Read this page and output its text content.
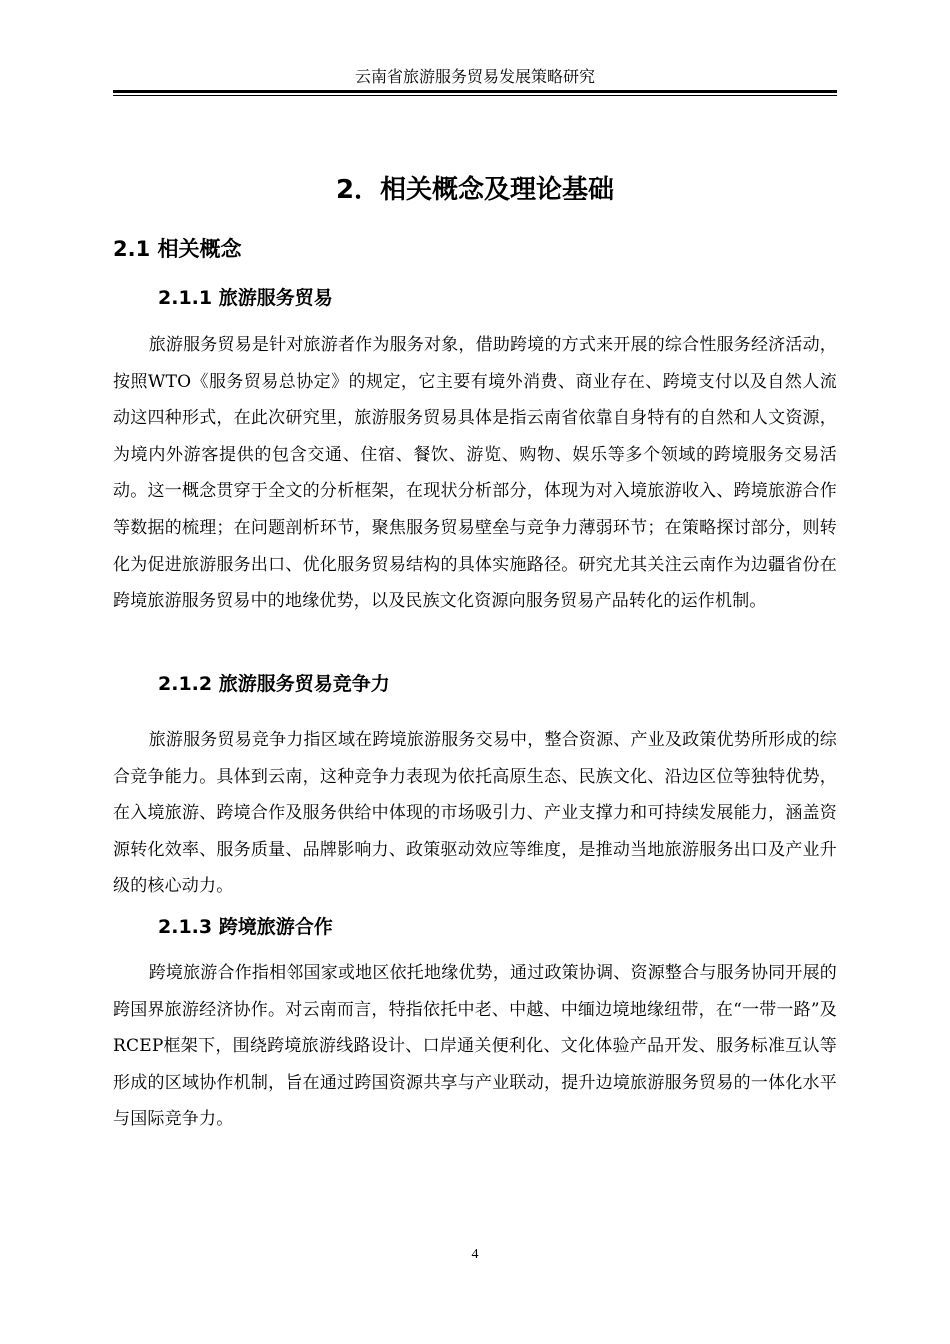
云南省旅游服务贸易发展策略研究
2．相关概念及理论基础
2.1 相关概念
2.1.1 旅游服务贸易

旅游服务贸易是针对旅游者作为服务对象，借助跨境的方式来开展的综合性服务经济活动，按照WTO《服务贸易总协定》的规定，它主要有境外消费、商业存在、跨境支付以及自然人流动这四种形式，在此次研究里，旅游服务贸易具体是指云南省依靠自身特有的自然和人文资源，为境内外游客提供的包含交通、住宿、餐饮、游览、购物、娱乐等多个领域的跨境服务交易活动。这一概念贯穿于全文的分析框架，在现状分析部分，体现为对入境旅游收入、跨境旅游合作等数据的梳理；在问题剖析环节，聚焦服务贸易壁垒与竞争力薄弱环节；在策略探讨部分，则转化为促进旅游服务出口、优化服务贸易结构的具体实施路径。研究尤其关注云南作为边疆省份在跨境旅游服务贸易中的地缘优势，以及民族文化资源向服务贸易产品转化的运作机制。

2.1.2 旅游服务贸易竞争力

旅游服务贸易竞争力指区域在跨境旅游服务交易中，整合资源、产业及政策优势所形成的综合竞争能力。具体到云南，这种竞争力表现为依托高原生态、民族文化、沿边区位等独特优势，在入境旅游、跨境合作及服务供给中体现的市场吸引力、产业支撑力和可持续发展能力，涵盖资源转化效率、服务质量、品牌影响力、政策驱动效应等维度，是推动当地旅游服务出口及产业升级的核心动力。

2.1.3 跨境旅游合作

跨境旅游合作指相邻国家或地区依托地缘优势，通过政策协调、资源整合与服务协同开展的跨国界旅游经济协作。对云南而言，特指依托中老、中越、中缅边境地缘纽带，在“一带一路”及RCEP框架下，围绕跨境旅游线路设计、口岸通关便利化、文化体验产品开发、服务标准互认等形成的区域协作机制，旨在通过跨国资源共享与产业联动，提升边境旅游服务贸易的一体化水平与国际竞争力。

4
